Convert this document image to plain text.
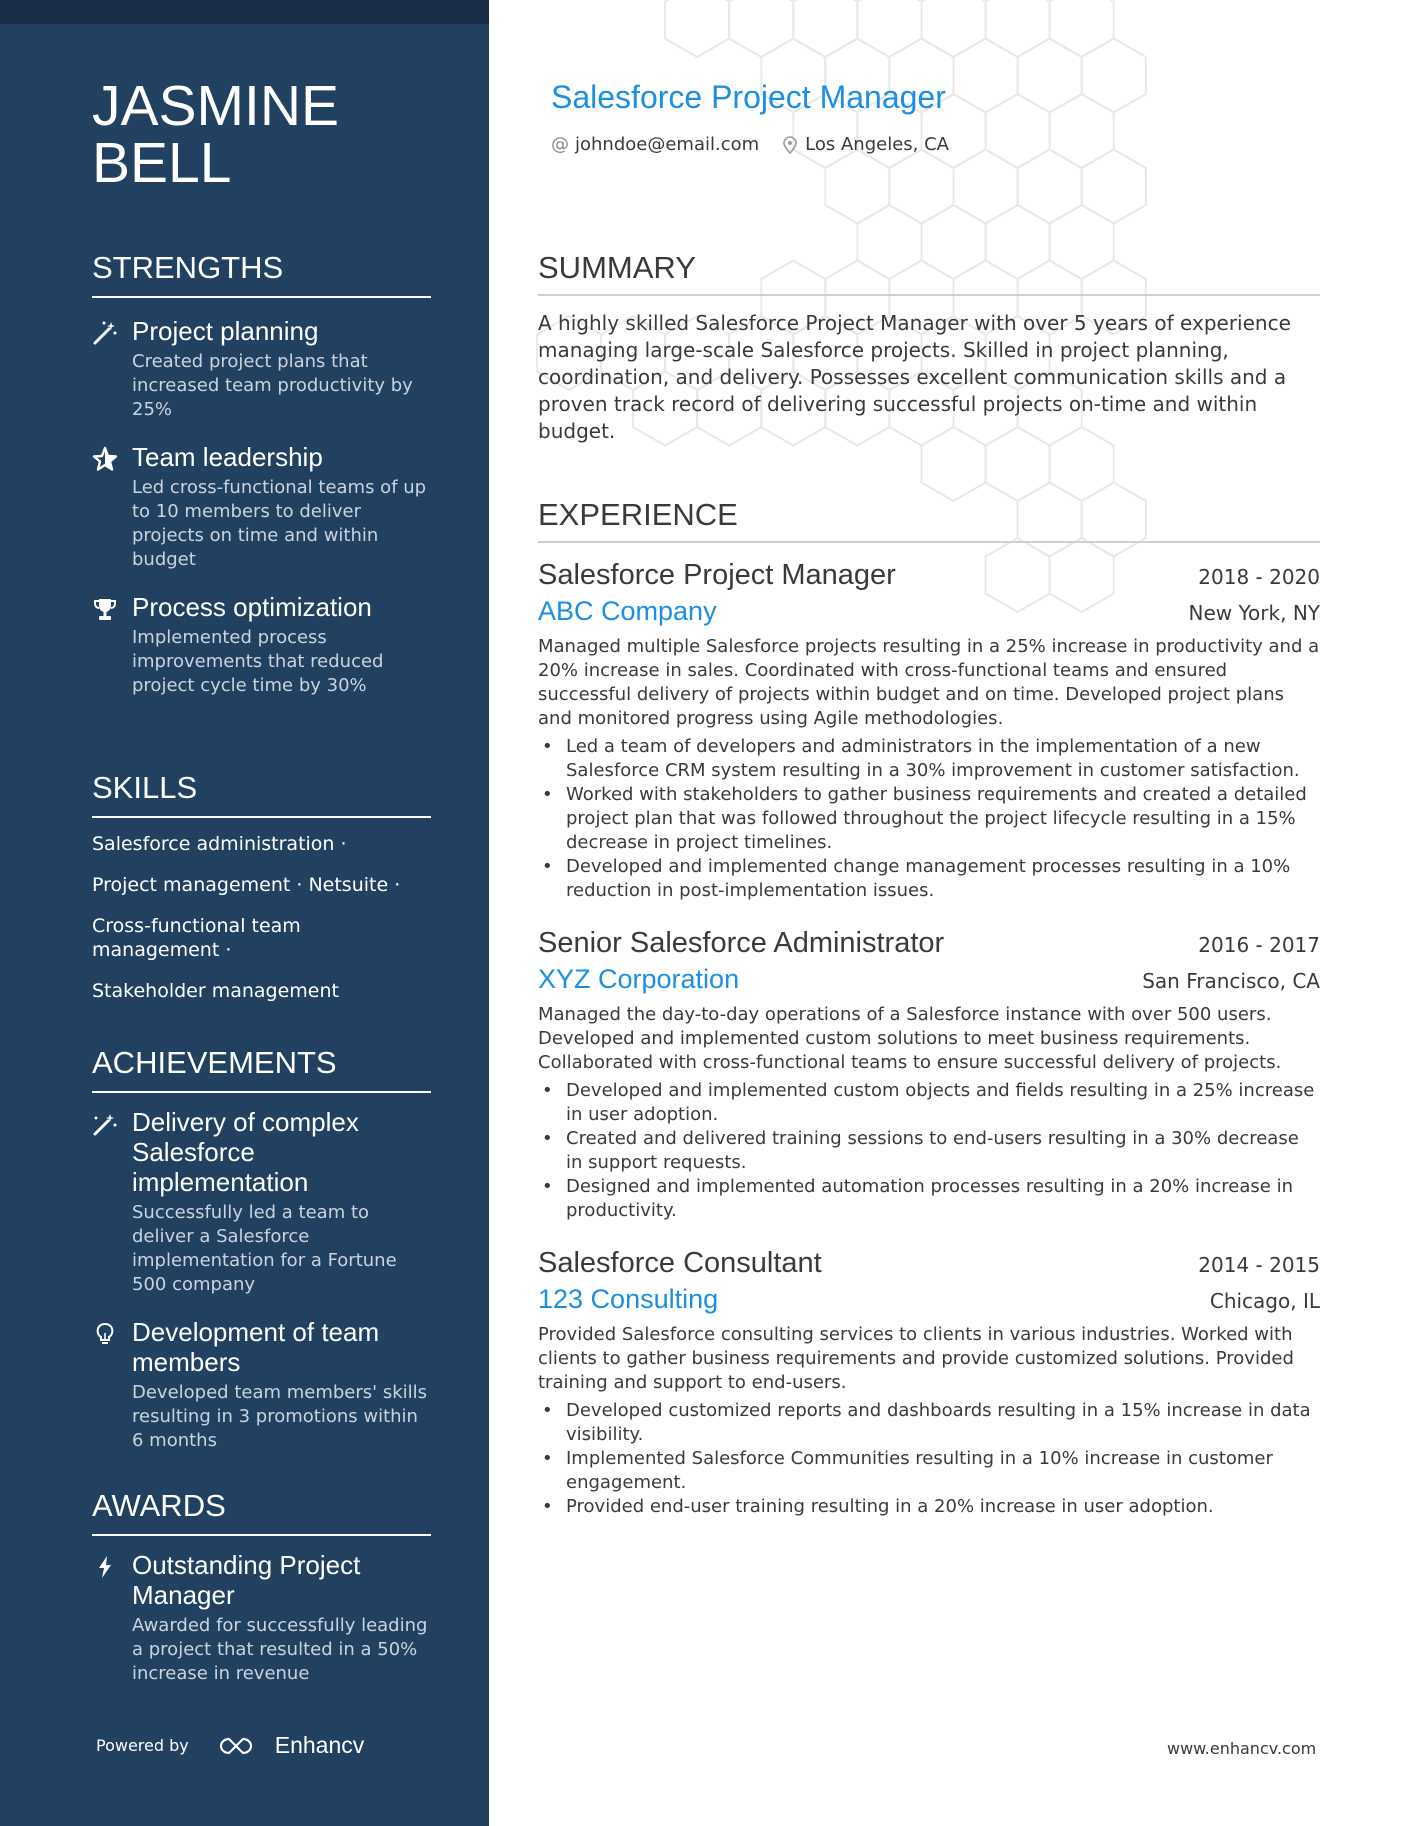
JASMINE BELL
STRENGTHS
Project planning
Created project plans that increased team productivity by 25%
Team leadership
Led cross-functional teams of up to 10 members to deliver projects on time and within budget
Process optimization
Implemented process improvements that reduced project cycle time by 30%
SKILLS
Salesforce administration ·
Project management · Netsuite ·
Cross-functional team management ·
Stakeholder management
ACHIEVEMENTS
Delivery of complex Salesforce implementation
Successfully led a team to deliver a Salesforce implementation for a Fortune 500 company
Development of team members
Developed team members' skills resulting in 3 promotions within 6 months
AWARDS
Outstanding Project Manager
Awarded for successfully leading a project that resulted in a 50% increase in revenue
Powered by	Enhancv
Salesforce Project Manager
@ johndoe@email.com	Los Angeles, CA
SUMMARY
A highly skilled Salesforce Project Manager with over 5 years of experience managing large-scale Salesforce projects. Skilled in project planning, coordination, and delivery. Possesses excellent communication skills and a proven track record of delivering successful projects on-time and within budget.
EXPERIENCE
Salesforce Project Manager	2018 - 2020
ABC Company	New York, NY
Managed multiple Salesforce projects resulting in a 25% increase in productivity and a 20% increase in sales. Coordinated with cross-functional teams and ensured successful delivery of projects within budget and on time. Developed project plans and monitored progress using Agile methodologies.
• Led a team of developers and administrators in the implementation of a new Salesforce CRM system resulting in a 30% improvement in customer satisfaction.
• Worked with stakeholders to gather business requirements and created a detailed project plan that was followed throughout the project lifecycle resulting in a 15% decrease in project timelines.
• Developed and implemented change management processes resulting in a 10% reduction in post-implementation issues.
Senior Salesforce Administrator	2016 - 2017
XYZ Corporation	San Francisco, CA
Managed the day-to-day operations of a Salesforce instance with over 500 users. Developed and implemented custom solutions to meet business requirements. Collaborated with cross-functional teams to ensure successful delivery of projects.
• Developed and implemented custom objects and fields resulting in a 25% increase in user adoption.
• Created and delivered training sessions to end-users resulting in a 30% decrease in support requests.
• Designed and implemented automation processes resulting in a 20% increase in productivity.
Salesforce Consultant	2014 - 2015
123 Consulting	Chicago, IL
Provided Salesforce consulting services to clients in various industries. Worked with clients to gather business requirements and provide customized solutions. Provided training and support to end-users.
• Developed customized reports and dashboards resulting in a 15% increase in data visibility.
• Implemented Salesforce Communities resulting in a 10% increase in customer engagement.
• Provided end-user training resulting in a 20% increase in user adoption.
www.enhancv.com
